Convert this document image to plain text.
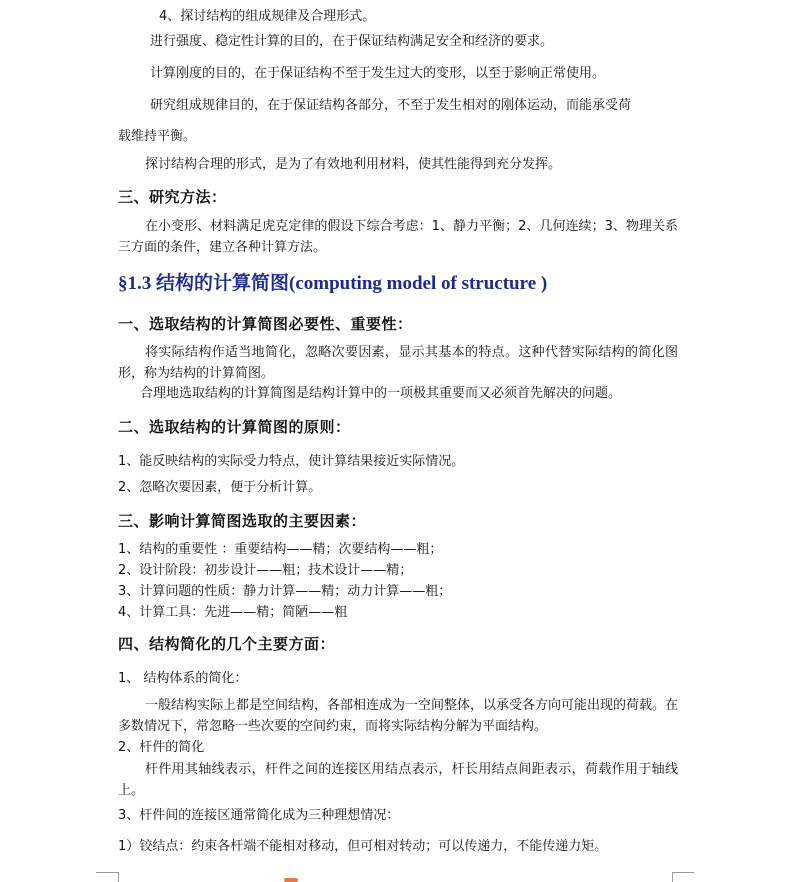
4、探讨结构的组成规律及合理形式。
进行强度、稳定性计算的目的，在于保证结构满足安全和经济的要求。
计算刚度的目的，在于保证结构不至于发生过大的变形，以至于影响正常使用。
研究组成规律目的，在于保证结构各部分，不至于发生相对的刚体运动，而能承受荷
载维持平衡。
探讨结构合理的形式，是为了有效地利用材料，使其性能得到充分发挥。
三、研究方法：
在小变形、材料满足虎克定律的假设下综合考虑：1、静力平衡；2、几何连续；3、物理关系三方面的条件，建立各种计算方法。
§1.3 结构的计算简图(computing model of structure )
一、选取结构的计算简图必要性、重要性：
将实际结构作适当地简化，忽略次要因素，显示其基本的特点。这种代替实际结构的简化图形，称为结构的计算简图。
合理地选取结构的计算简图是结构计算中的一项极其重要而又必须首先解决的问题。
二、选取结构的计算简图的原则：
1、能反映结构的实际受力特点，使计算结果接近实际情况。
2、忽略次要因素，便于分析计算。
三、影响计算简图选取的主要因素：
1、结构的重要性 ：重要结构——精；次要结构——粗；
2、设计阶段：初步设计——粗；技术设计——精；
3、计算问题的性质：静力计算——精；动力计算——粗；
4、计算工具：先进——精；简陋——粗
四、结构简化的几个主要方面：
1、 结构体系的简化：
一般结构实际上都是空间结构，各部相连成为一空间整体，以承受各方向可能出现的荷载。在多数情况下，常忽略一些次要的空间约束，而将实际结构分解为平面结构。
2、杆件的简化
杆件用其轴线表示，杆件之间的连接区用结点表示，杆长用结点间距表示，荷载作用于轴线上。
3、杆件间的连接区通常简化成为三种理想情况：
1）铰结点：约束各杆端不能相对移动，但可相对转动；可以传递力，不能传递力矩。
